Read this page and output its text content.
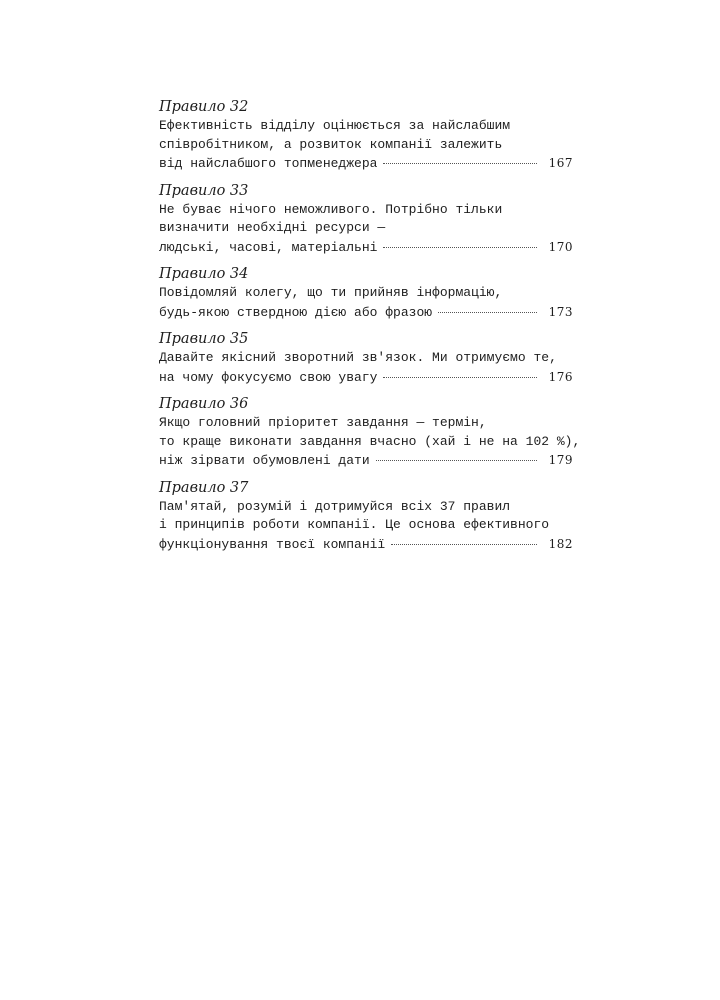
Правило 32
Ефективність відділу оцінюється за найслабшим
співробітником, а розвиток компанії залежить
від найслабшого топменеджера	167
Правило 33
Не буває нічого неможливого. Потрібно тільки
визначити необхідні ресурси —
людські, часові, матеріальні	170
Правило 34
Повідомляй колегу, що ти прийняв інформацію,
будь-якою стверднoю дією або фразою	173
Правило 35
Давайте якісний зворотний зв'язок. Ми отримуємо те,
на чому фокусуємо свою увагу	176
Правило 36
Якщо головний пріоритет завдання — термін,
то краще виконати завдання вчасно (хай і не на 102 %),
ніж зірвати обумовлені дати	179
Правило 37
Пам'ятай, розумій і дотримуйся всіх 37 правил
і принципів роботи компанії. Це основа ефективного
функціонування твоєї компанії	182
